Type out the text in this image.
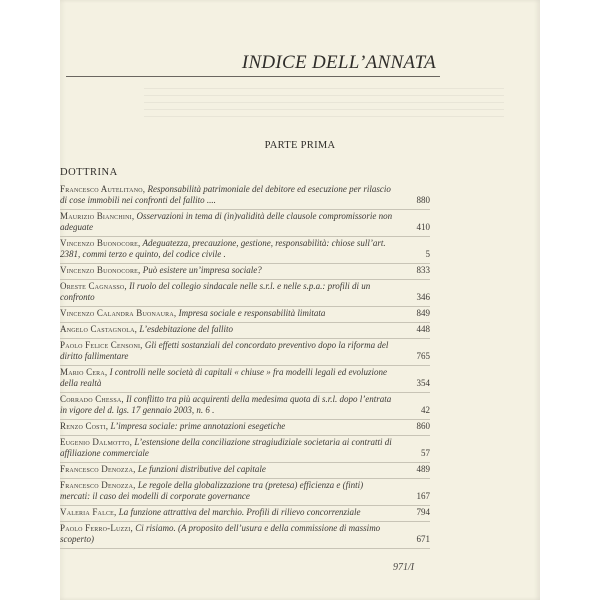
INDICE DELL’ANNATA
PARTE PRIMA
DOTTRINA
Francesco Autelitano, Responsabilità patrimoniale del debitore ed esecuzione per rilascio di cose immobili nei confronti del fallito ....	880
Maurizio Bianchini, Osservazioni in tema di (in)validità delle clausole compromissorie non adeguate	410
Vincenzo Buonocore, Adeguatezza, precauzione, gestione, responsabilità: chiose sull’art. 2381, commi terzo e quinto, del codice civile .	5
Vincenzo Buonocore, Può esistere un’impresa sociale?	833
Oreste Cagnasso, Il ruolo del collegio sindacale nelle s.r.l. e nelle s.p.a.: profili di un confronto	346
Vincenzo Calandra Buonaura, Impresa sociale e responsabilità limitata	849
Angelo Castagnola, L’esdebitazione del fallito	448
Paolo Felice Censoni, Gli effetti sostanziali del concordato preventivo dopo la riforma del diritto fallimentare	765
Mario Cera, I controlli nelle società di capitali « chiuse » fra modelli legali ed evoluzione della realtà	354
Corrado Chessa, Il conflitto tra più acquirenti della medesima quota di s.r.l. dopo l’entrata in vigore del d. lgs. 17 gennaio 2003, n. 6 .	42
Renzo Costi, L’impresa sociale: prime annotazioni esegetiche	860
Eugenio Dalmotto, L’estensione della conciliazione stragiudiziale societaria ai contratti di affiliazione commerciale	57
Francesco Denozza, Le funzioni distributive del capitale	489
Francesco Denozza, Le regole della globalizzazione tra (pretesa) efficienza e (finti) mercati: il caso dei modelli di corporate governance	167
Valeria Falce, La funzione attrattiva del marchio. Profili di rilievo concorrenziale	794
Paolo Ferro-Luzzi, Ci risiamo. (A proposito dell’usura e della commissione di massimo scoperto)	671
971/I
